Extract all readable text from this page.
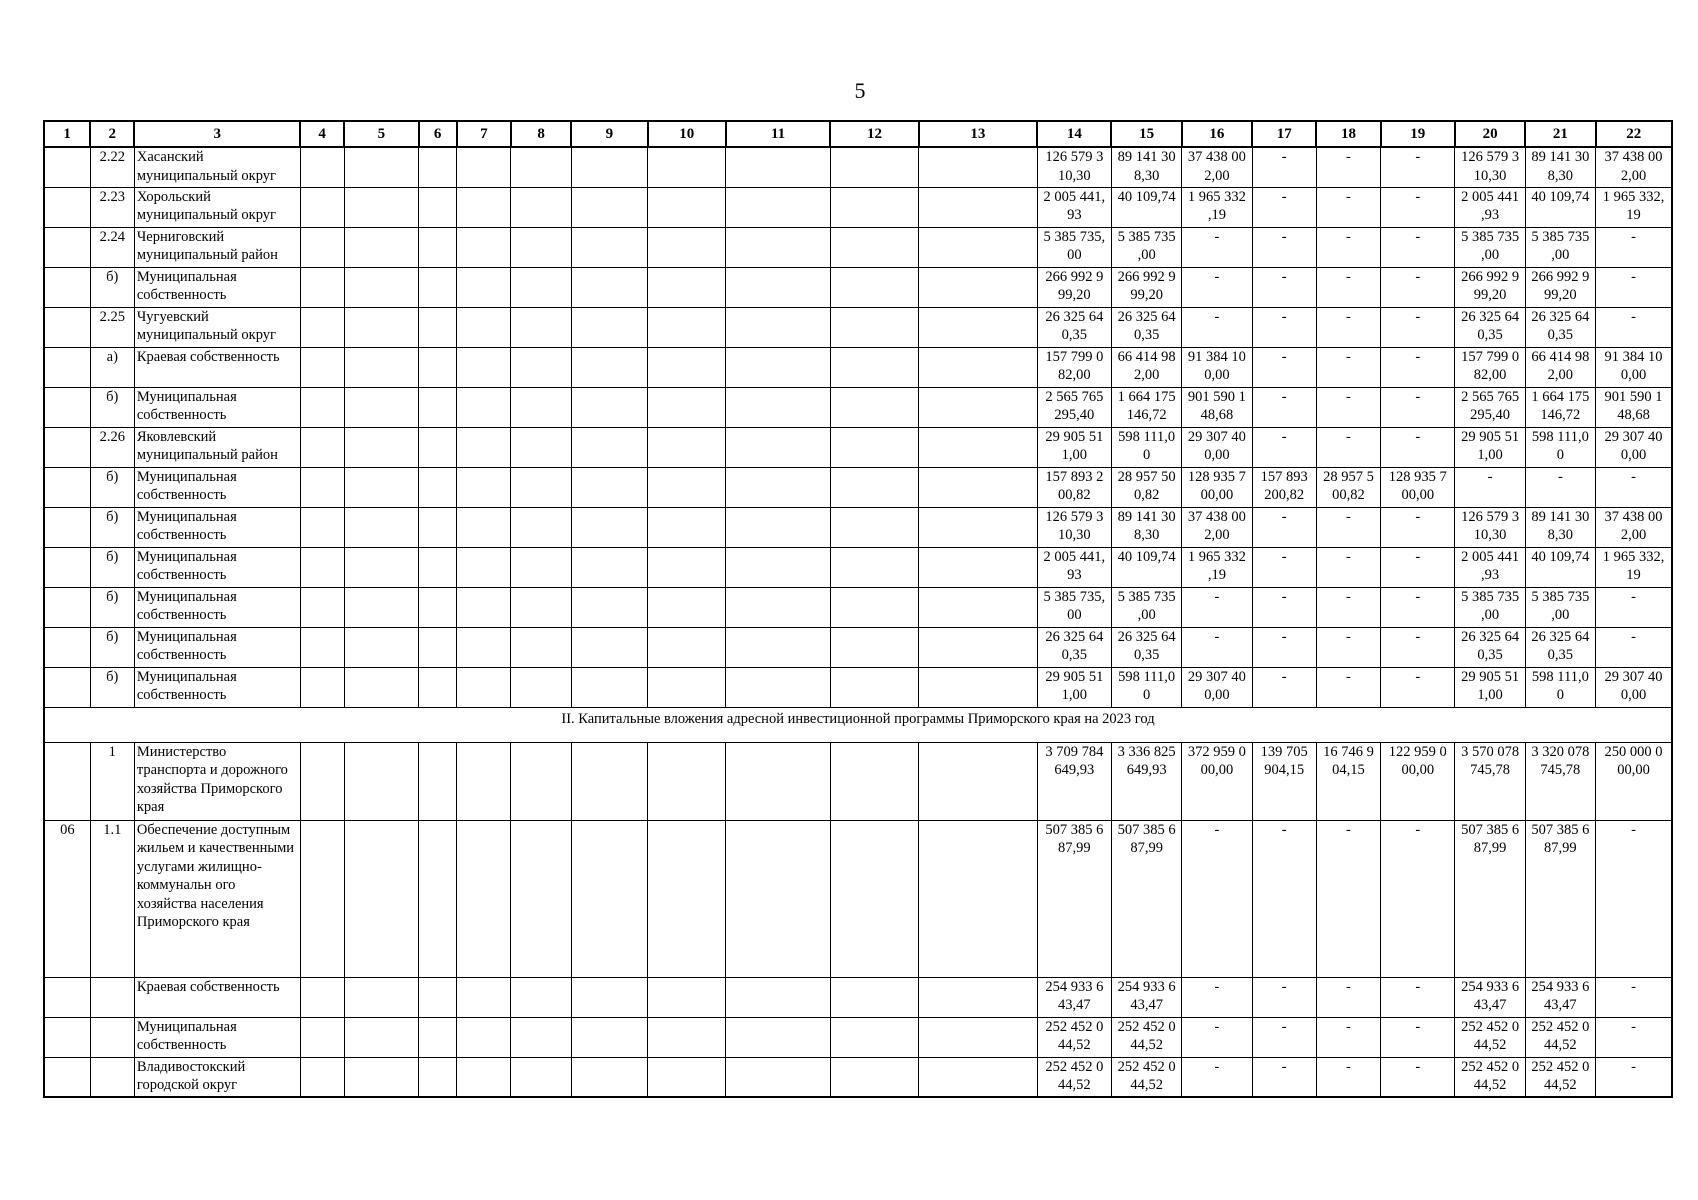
5
1	2	3	4	5	6	7	8	9	10	11	12	13	14	15	16	17	18	19	20	21	22
	2.22	Хасанский муниципальный округ											126 579 3 10,30	89 141 30 8,30	37 438 00 2,00	-	-	-	126 579 3 10,30	89 141 30 8,30	37 438 00 2,00
	2.23	Хорольский муниципальный округ											2 005 441, 93	40 109,74	1 965 332 ,19	-	-	-	2 005 441 ,93	40 109,74	1 965 332, 19
	2.24	Черниговский муниципальный район											5 385 735, 00	5 385 735 ,00	-	-	-	-	5 385 735 ,00	5 385 735 ,00	-
	б)	Муниципальная собственность											266 992 9 99,20	266 992 9 99,20	-	-	-	-	266 992 9 99,20	266 992 9 99,20	-
	2.25	Чугуевский муниципальный округ											26 325 64 0,35	26 325 64 0,35	-	-	-	-	26 325 64 0,35	26 325 64 0,35	-
	а)	Краевая собственность											157 799 0 82,00	66 414 98 2,00	91 384 10 0,00	-	-	-	157 799 0 82,00	66 414 98 2,00	91 384 10 0,00
	б)	Муниципальная собственность											2 565 765 295,40	1 664 175 146,72	901 590 1 48,68	-	-	-	2 565 765 295,40	1 664 175 146,72	901 590 1 48,68
	2.26	Яковлевский муниципальный район											29 905 51 1,00	598 111,0 0	29 307 40 0,00	-	-	-	29 905 51 1,00	598 111,0 0	29 307 40 0,00
	б)	Муниципальная собственность											157 893 2 00,82	28 957 50 0,82	128 935 7 00,00	157 893 200,82	28 957 5 00,82	128 935 7 00,00	-	-	-
	б)	Муниципальная собственность											126 579 3 10,30	89 141 30 8,30	37 438 00 2,00	-	-	-	126 579 3 10,30	89 141 30 8,30	37 438 00 2,00
	б)	Муниципальная собственность											2 005 441, 93	40 109,74	1 965 332 ,19	-	-	-	2 005 441 ,93	40 109,74	1 965 332, 19
	б)	Муниципальная собственность											5 385 735, 00	5 385 735 ,00	-	-	-	-	5 385 735 ,00	5 385 735 ,00	-
	б)	Муниципальная собственность											26 325 64 0,35	26 325 64 0,35	-	-	-	-	26 325 64 0,35	26 325 64 0,35	-
	б)	Муниципальная собственность											29 905 51 1,00	598 111,0 0	29 307 40 0,00	-	-	-	29 905 51 1,00	598 111,0 0	29 307 40 0,00
II. Капитальные вложения адресной инвестиционной программы Приморского края на 2023 год																					
	1	Министерство транспорта и дорожного хозяйства Приморского края											3 709 784 649,93	3 336 825 649,93	372 959 0 00,00	139 705 904,15	16 746 9 04,15	122 959 0 00,00	3 570 078 745,78	3 320 078 745,78	250 000 0 00,00
06	1.1	Обеспечение доступным жильем и качественными услугами жилищно-коммунальн ого хозяйства населения Приморского края											507 385 6 87,99	507 385 6 87,99	-	-	-	-	507 385 6 87,99	507 385 6 87,99	-
		Краевая собственность											254 933 6 43,47	254 933 6 43,47	-	-	-	-	254 933 6 43,47	254 933 6 43,47	-
		Муниципальная собственность											252 452 0 44,52	252 452 0 44,52	-	-	-	-	252 452 0 44,52	252 452 0 44,52	-
		Владивостокский городской округ											252 452 0 44,52	252 452 0 44,52	-	-	-	-	252 452 0 44,52	252 452 0 44,52	-
